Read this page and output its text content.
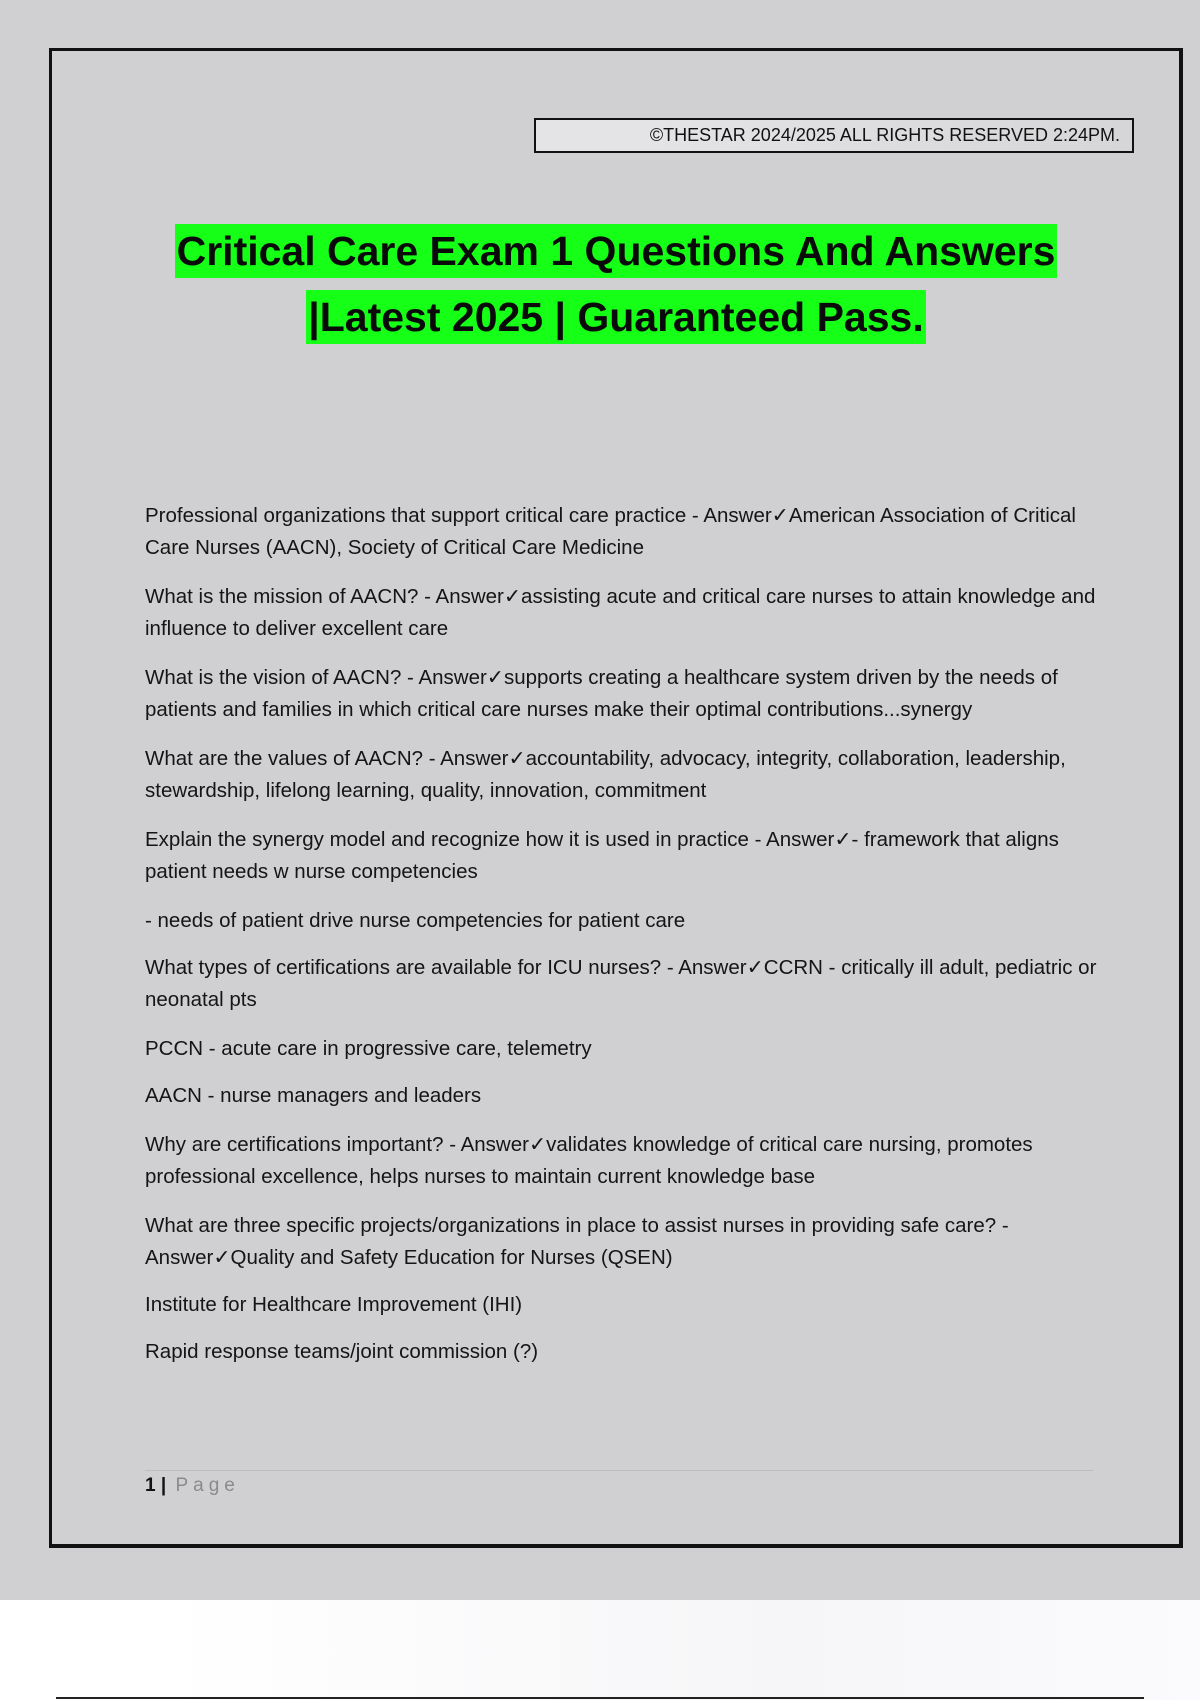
©THESTAR 2024/2025 ALL RIGHTS RESERVED 2:24PM.
Critical Care Exam 1 Questions And Answers
|Latest 2025 | Guaranteed Pass.

Professional organizations that support critical care practice - Answer✓American Association of Critical Care Nurses (AACN), Society of Critical Care Medicine

What is the mission of AACN? - Answer✓assisting acute and critical care nurses to attain knowledge and influence to deliver excellent care

What is the vision of AACN? - Answer✓supports creating a healthcare system driven by the needs of patients and families in which critical care nurses make their optimal contributions...synergy

What are the values of AACN? - Answer✓accountability, advocacy, integrity, collaboration, leadership, stewardship, lifelong learning, quality, innovation, commitment

Explain the synergy model and recognize how it is used in practice - Answer✓- framework that aligns patient needs w nurse competencies

- needs of patient drive nurse competencies for patient care

What types of certifications are available for ICU nurses? - Answer✓CCRN - critically ill adult, pediatric or neonatal pts

PCCN - acute care in progressive care, telemetry

AACN - nurse managers and leaders

Why are certifications important? - Answer✓validates knowledge of critical care nursing, promotes professional excellence, helps nurses to maintain current knowledge base

What are three specific projects/organizations in place to assist nurses in providing safe care? - Answer✓Quality and Safety Education for Nurses (QSEN)

Institute for Healthcare Improvement (IHI)

Rapid response teams/joint commission (?)

1 | Page
